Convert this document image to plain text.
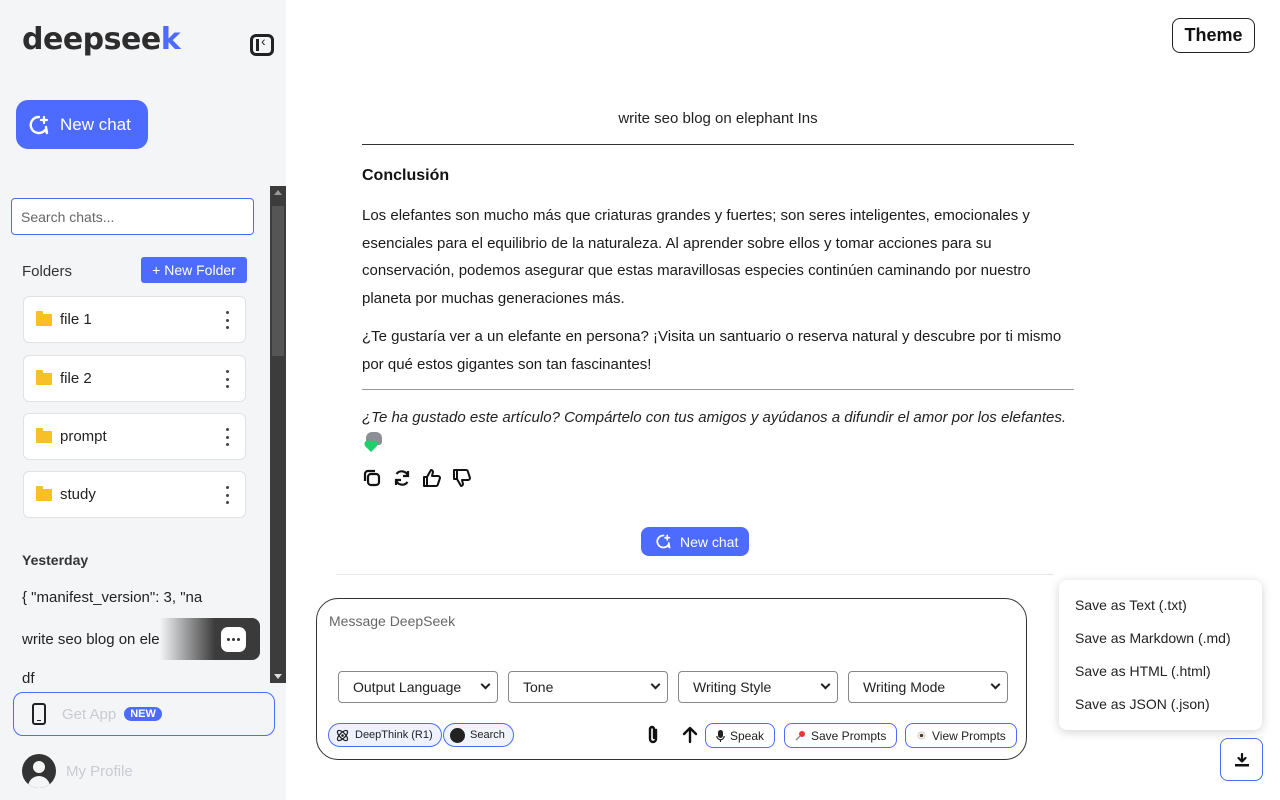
deepseek
‹
New chat
Search chats...
Folders	+ New Folder
file 1
file 2
prompt
study
Yesterday
{ "manifest_version": 3, "na
write seo blog on ele
df
Get App	NEW
My Profile
Theme
write seo blog on elephant Ins
Conclusión
Los elefantes son mucho más que criaturas grandes y fuertes; son seres inteligentes, emocionales y esenciales para el equilibrio de la naturaleza. Al aprender sobre ellos y tomar acciones para su conservación, podemos asegurar que estas maravillosas especies continúen caminando por nuestro planeta por muchas generaciones más.
¿Te gustaría ver a un elefante en persona? ¡Visita un santuario o reserva natural y descubre por ti mismo por qué estos gigantes son tan fascinantes!
¿Te ha gustado este artículo? Compártelo con tus amigos y ayúdanos a difundir el amor por los elefantes.
New chat
Message DeepSeek
Output Language	Tone	Writing Style	Writing Mode
DeepThink (R1)	Search	Speak	Save Prompts	View Prompts
Save as Text (.txt)
Save as Markdown (.md)
Save as HTML (.html)
Save as JSON (.json)
